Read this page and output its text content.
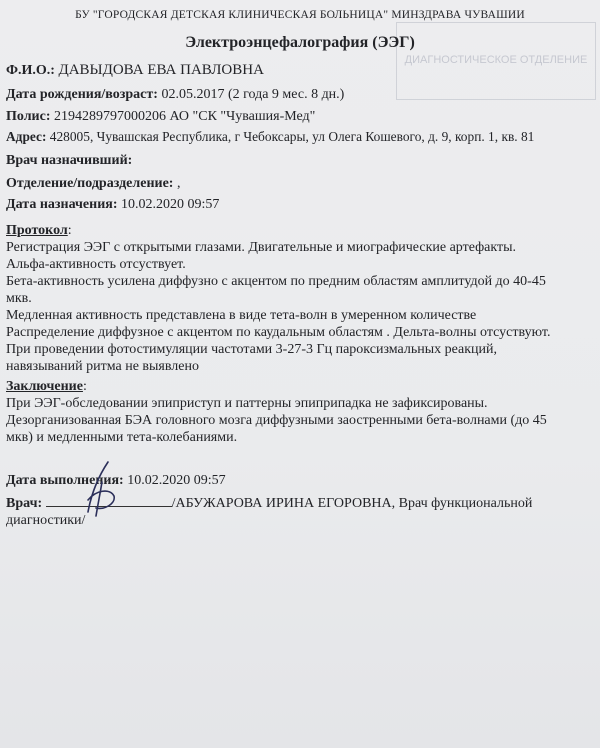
ДИАГНОСТИЧЕСКОЕ ОТДЕЛЕНИЕ
БУ "ГОРОДСКАЯ ДЕТСКАЯ КЛИНИЧЕСКАЯ БОЛЬНИЦА" МИНЗДРАВА ЧУВАШИИ
Электроэнцефалография (ЭЭГ)
Ф.И.О.: ДАВЫДОВА ЕВА ПАВЛОВНА
Дата рождения/возраст: 02.05.2017 (2 года 9 мес. 8 дн.)
Полис: 2194289797000206 АО "СК "Чувашия-Мед"
Адрес: 428005, Чувашская Республика, г Чебоксары, ул Олега Кошевого, д. 9, корп. 1, кв. 81
Врач назначивший:
Отделение/подразделение: ,
Дата назначения: 10.02.2020 09:57
Протокол:
Регистрация ЭЭГ с открытыми глазами. Двигательные и миографические артефакты.
Альфа-активность отсуствует.
Бета-активность усилена диффузно с акцентом по предним областям амплитудой до 40-45
мкв.
Медленная активность представлена в виде тета-волн в умеренном количестве
Распределение диффузное с акцентом по каудальным областям . Дельта-волны отсуствуют.
При проведении фотостимуляции частотами 3-27-3 Гц пароксизмальных реакций,
навязываний ритма не выявлено
Заключение:
При ЭЭГ-обследовании эпиприступ и паттерны эпиприпадка не зафиксированы.
Дезорганизованная БЭА головного мозга диффузными заостренными бета-волнами (до 45
мкв) и медленными тета-колебаниями.
Дата выполнения: 10.02.2020 09:57
Врач:	/АБУЖАРОВА ИРИНА ЕГОРОВНА, Врач функциональной
диагностики/
